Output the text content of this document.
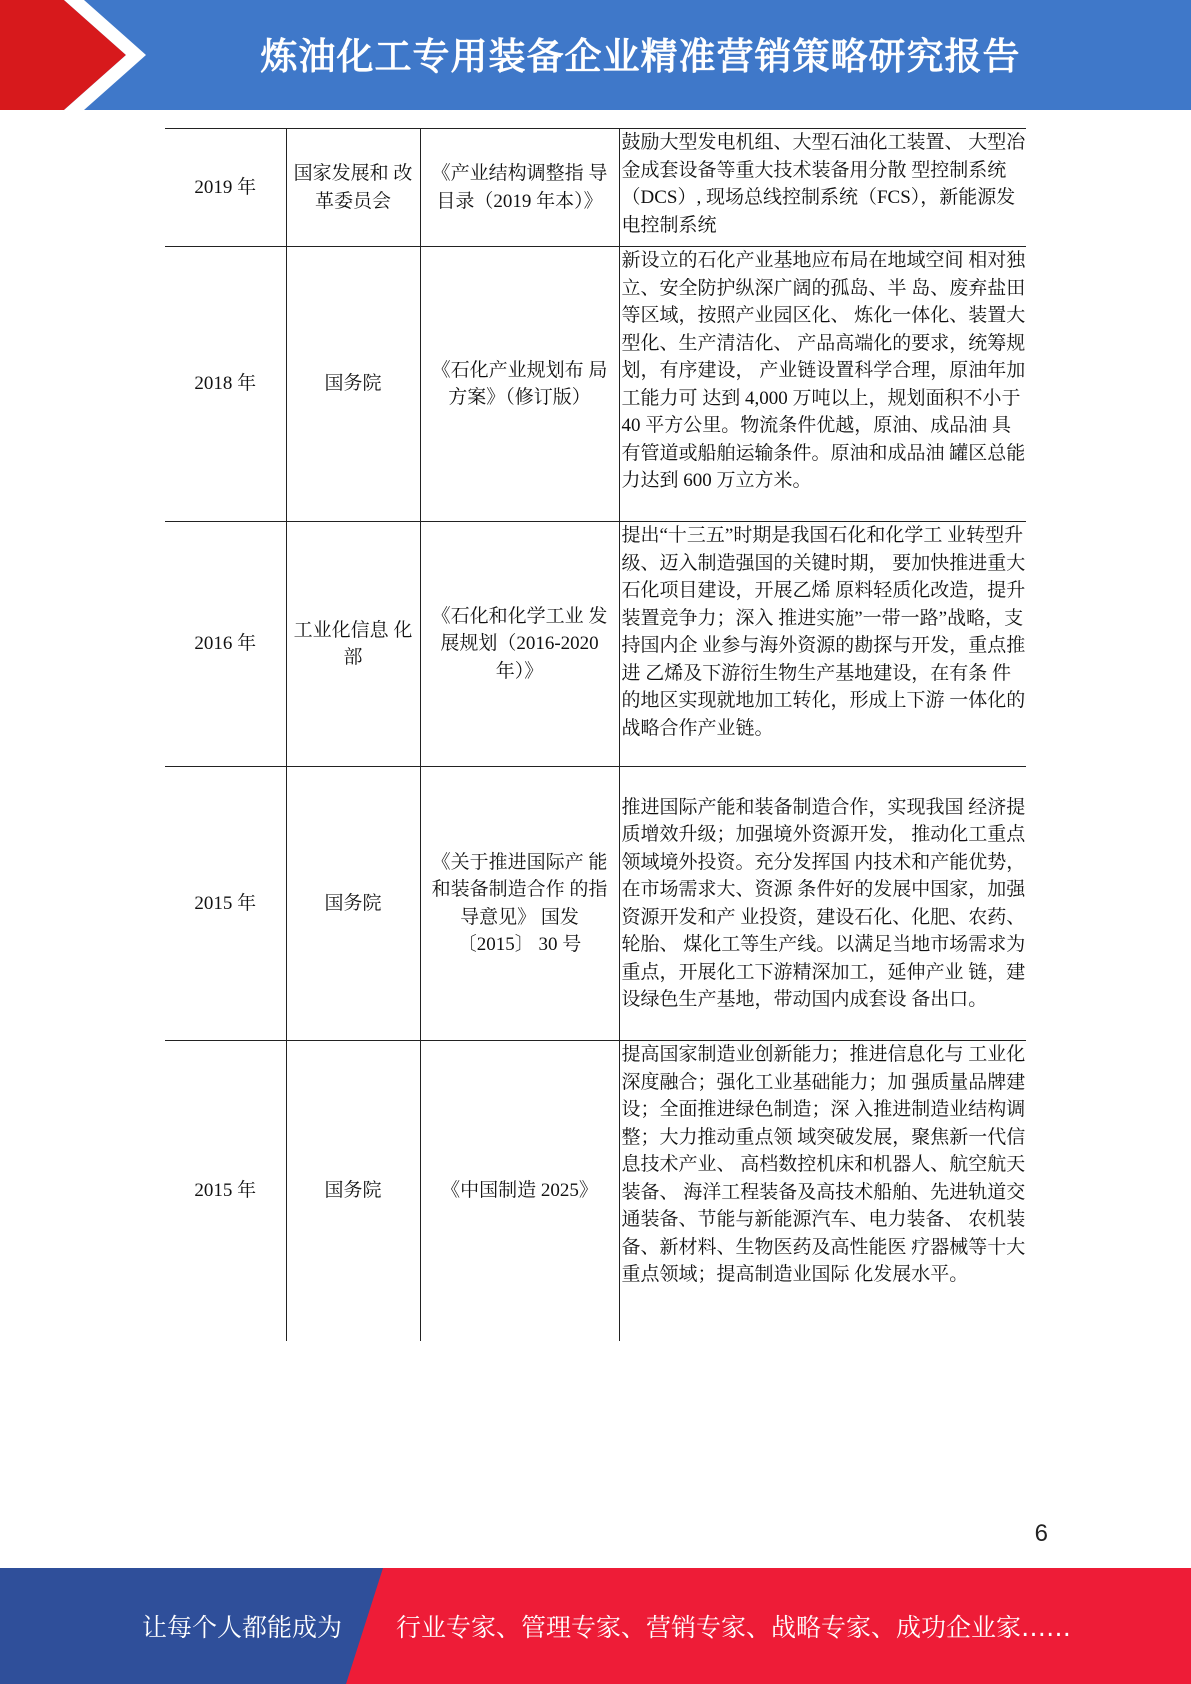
炼油化工专用装备企业精准营销策略研究报告
2019 年	国家发展和 改革委员会	《产业结构调整指 导目录（2019 年本）》	鼓励大型发电机组、大型石油化工装置、 大型冶金成套设备等重大技术装备用分散 型控制系统（DCS）, 现场总线控制系统（FCS），新能源发电控制系统
2018 年	国务院	《石化产业规划布 局方案》（修订版）	新设立的石化产业基地应布局在地域空间 相对独立、安全防护纵深广阔的孤岛、半 岛、废弃盐田等区域，按照产业园区化、 炼化一体化、装置大型化、生产清洁化、 产品高端化的要求，统筹规划，有序建设， 产业链设置科学合理，原油年加工能力可 达到 4,000 万吨以上，规划面积不小于 40 平方公里。物流条件优越，原油、成品油 具有管道或船舶运输条件。原油和成品油 罐区总能力达到 600 万立方米。
2016 年	工业化信息 化部	《石化和化学工业 发展规划（2016-2020 年）》	提出“十三五”时期是我国石化和化学工 业转型升级、迈入制造强国的关键时期， 要加快推进重大石化项目建设，开展乙烯 原料轻质化改造，提升装置竞争力；深入 推进实施”一带一路”战略，支持国内企 业参与海外资源的勘探与开发，重点推进 乙烯及下游衍生物生产基地建设，在有条 件的地区实现就地加工转化，形成上下游 一体化的战略合作产业链。
2015 年	国务院	《关于推进国际产 能和装备制造合作 的指导意见》 国发〔2015〕 30 号	推进国际产能和装备制造合作，实现我国 经济提质增效升级；加强境外资源开发， 推动化工重点领域境外投资。充分发挥国 内技术和产能优势，在市场需求大、资源 条件好的发展中国家，加强资源开发和产 业投资，建设石化、化肥、农药、轮胎、 煤化工等生产线。以满足当地市场需求为 重点，开展化工下游精深加工，延伸产业 链，建设绿色生产基地，带动国内成套设 备出口。
2015 年	国务院	《中国制造 2025》	提高国家制造业创新能力；推进信息化与 工业化深度融合；强化工业基础能力；加 强质量品牌建设；全面推进绿色制造；深 入推进制造业结构调整；大力推动重点领 域突破发展，聚焦新一代信息技术产业、 高档数控机床和机器人、航空航天装备、 海洋工程装备及高技术船舶、先进轨道交 通装备、节能与新能源汽车、电力装备、 农机装备、新材料、生物医药及高性能医 疗器械等十大重点领域；提高制造业国际 化发展水平。
6
让每个人都能成为 行业专家、管理专家、营销专家、战略专家、成功企业家……
